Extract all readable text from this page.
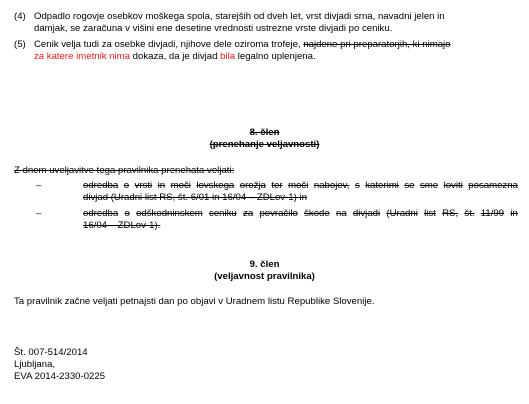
(4) Odpadlo rogovje osebkov moškega spola, starejših od dveh let, vrst divjadi srna, navadni jelen in
damjak, se zaračuna v višini ene desetine vrednosti ustrezne vrste divjadi po ceniku.
(5) Cenik velja tudi za osebke divjadi, njihove dele oziroma trofeje, najdene pri preparatorjih, ki nimajo
za katere imetnik nima dokaza, da je divjad bila legalno uplenjena.
8. člen
(prenehanje veljavnosti)
Z dnem uveljavitve tega pravilnika prenehata veljati:
–	odredba o vrsti in moči lovskega orožja ter moči nabojev, s katerimi se sme loviti posamezna
divjad (Uradni list RS, št. 6/01 in 16/04 – ZDLov-1) in
–	odredba o odškodninskem ceniku za povračilo škode na divjadi (Uradni list RS, št. 11/99 in
16/04 – ZDLov-1).
9. člen
(veljavnost pravilnika)
Ta pravilnik začne veljati petnajsti dan po objavi v Uradnem listu Republike Slovenije.
Št. 007-514/2014
Ljubljana,
EVA 2014-2330-0225
